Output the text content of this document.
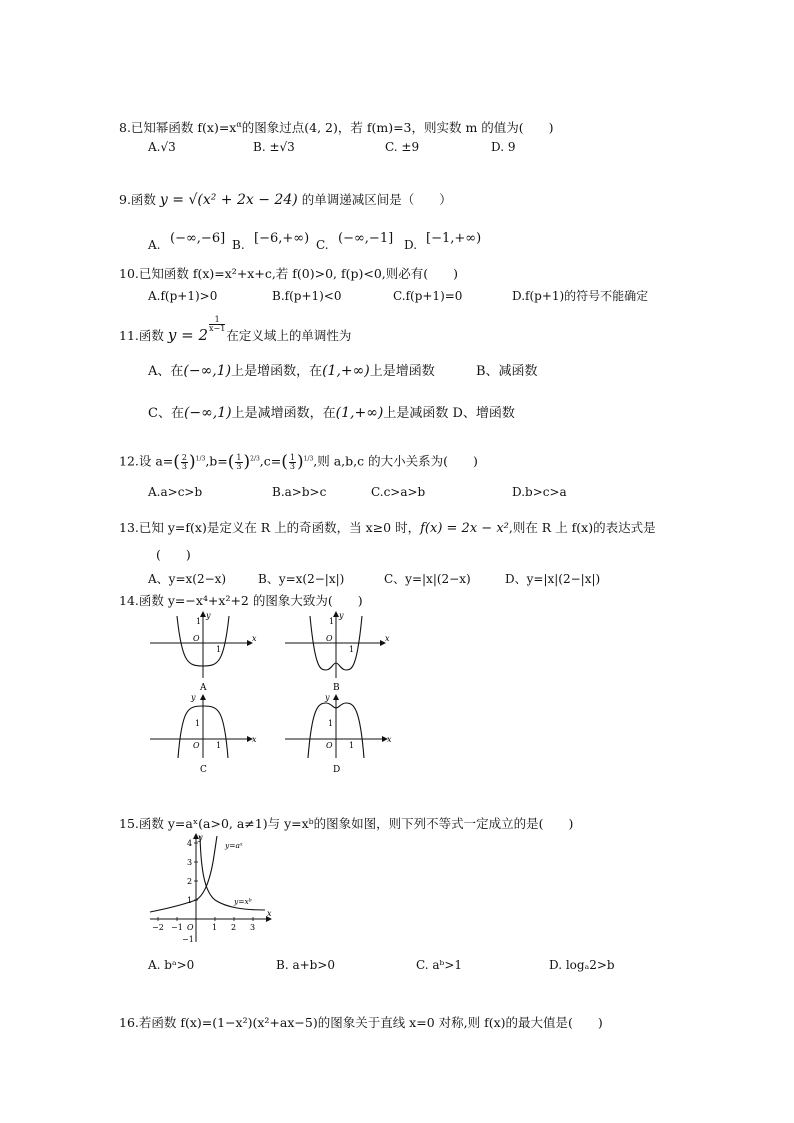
8.已知幂函数 $f(x)=x^\alpha$的图象过点(4, 2)，若 f(m)=3，则实数 m 的值为(　　)
A.√3	B. ±√3	C. ±9	D. 9
9.函数 y = √(x² + 2x − 24) 的单调递减区间是（　　）
A. (−∞,−6] B. [−6,+∞) C. (−∞,−1] D. [−1,+∞)
10.已知函数 f(x)=x²+x+c,若 f(0)>0, f(p)<0,则必有(　　)
A.f(p+1)>0	B.f(p+1)<0	C.f(p+1)=0	D.f(p+1)的符号不能确定
11.函数 y = 2
$\frac{1}{x-1}$
在定义域上的单调性为
A、在(−∞,1)上是增函数，在(1,+∞)上是增函数	B、减函数
C、在(−∞,1)上是减增函数，在(1,+∞)上是减函数 D、增函数
12.设 $a=( \frac{2}{3} )^{1/3},b=( \frac{1}{3} )^{2/3},c=( \frac{1}{3} )^{1/3}$,则 a,b,c 的大小关系为(　　)
A.a>c>b	B.a>b>c	C.c>a>b	D.b>c>a
13.已知 y=f(x)是定义在 R 上的奇函数，当 x≥0 时，f(x) = 2x − x²,则在 R 上 f(x)的表达式是
(　　)
A、y=x(2−x)	B、y=x(2−|x|)	C、y=|x|(2−x)	D、y=|x|(2−|x|)
14.函数 y=−x⁴+x²+2 的图象大致为(　　)
y
x
O
1
1
A
y
x
O
1
1
B
y
x
O
1
1
C
y
x
O
1
1
D
15.函数 y=aˣ(a>0, a≠1)与 y=xᵇ的图象如图，则下列不等式一定成立的是(　　)
y=aˣ
y=xᵇ
y
x
−2 −1 O 1 2 3
4
3
2
1
−1
A. bᵃ>0	B. a+b>0	C. aᵇ>1	D. logₐ2>b
16.若函数 f(x)=(1−x²)(x²+ax−5)的图象关于直线 x=0 对称,则 f(x)的最大值是(　　)
